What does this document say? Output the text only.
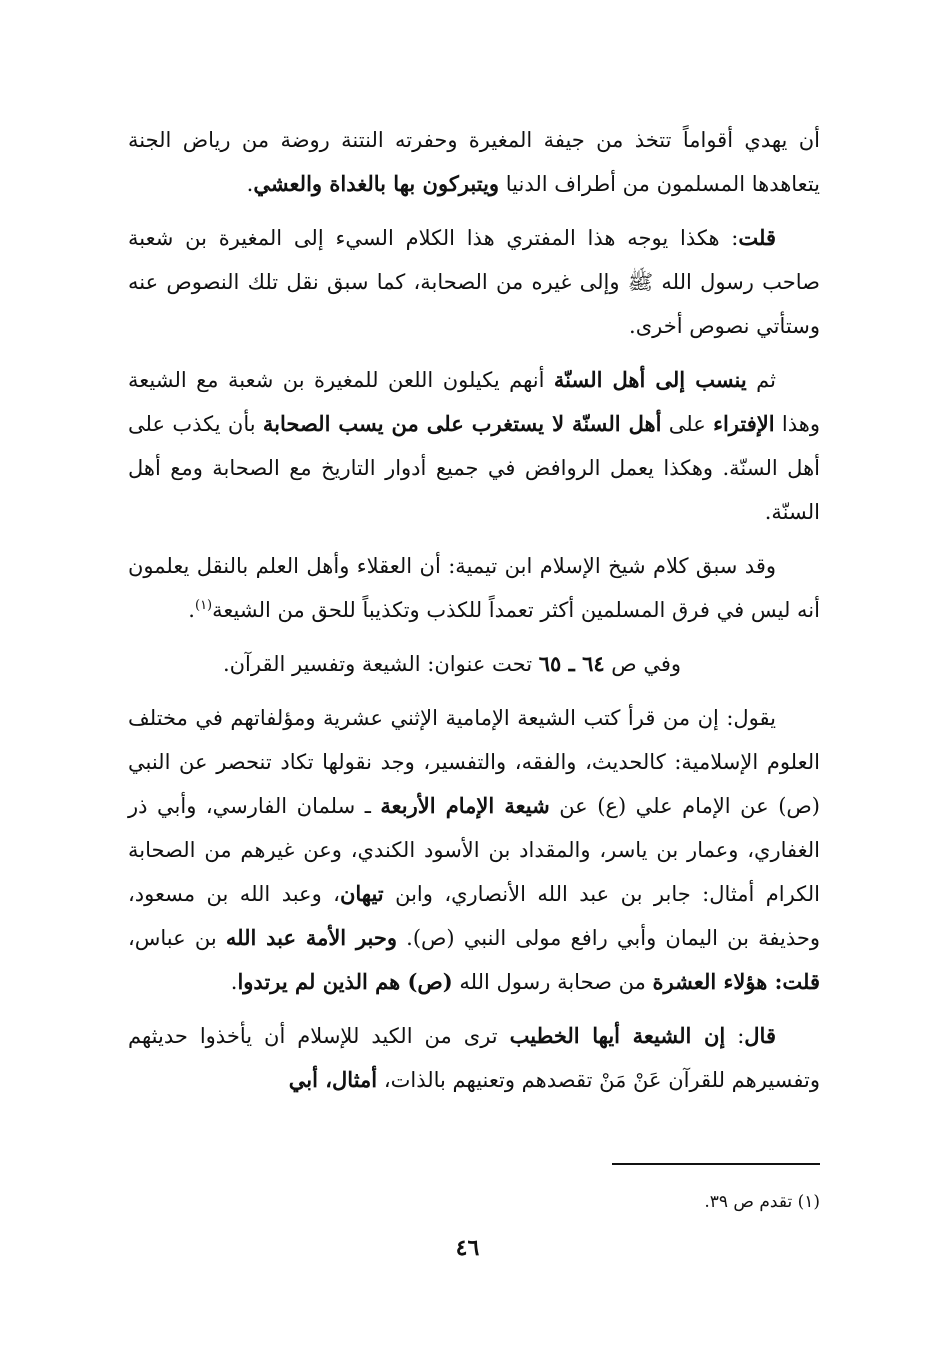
أن يهدي أقواماً تتخذ من جيفة المغيرة وحفرته النتنة روضة من رياض الجنة يتعاهدها المسلمون من أطراف الدنيا ويتبركون بها بالغداة والعشي.

قلت: هكذا يوجه هذا المفتري هذا الكلام السيء إلى المغيرة بن شعبة صاحب رسول الله ﷺ وإلى غيره من الصحابة، كما سبق نقل تلك النصوص عنه وستأتي نصوص أخرى.

ثم ينسب إلى أهل السنّة أنهم يكيلون اللعن للمغيرة بن شعبة مع الشيعة وهذا الإفتراء على أهل السنّة لا يستغرب على من يسب الصحابة بأن يكذب على أهل السنّة. وهكذا يعمل الروافض في جميع أدوار التاريخ مع الصحابة ومع أهل السنّة.

وقد سبق كلام شيخ الإسلام ابن تيمية: أن العقلاء وأهل العلم بالنقل يعلمون أنه ليس في فرق المسلمين أكثر تعمداً للكذب وتكذيباً للحق من الشيعة$^{(١)}$.

وفي ص ٦٤ ـ ٦٥ تحت عنوان: الشيعة وتفسير القرآن.

يقول: إن من قرأ كتب الشيعة الإمامية الإثني عشرية ومؤلفاتهم في مختلف العلوم الإسلامية: كالحديث، والفقه، والتفسير، وجد نقولها تكاد تنحصر عن النبي (ص) عن الإمام علي (ع) عن شيعة الإمام الأربعة ـ سلمان الفارسي، وأبي ذر الغفاري، وعمار بن ياسر، والمقداد بن الأسود الكندي، وعن غيرهم من الصحابة الكرام أمثال: جابر بن عبد الله الأنصاري، وابن تيهان، وعبد الله بن مسعود، وحذيفة بن اليمان وأبي رافع مولى النبي (ص). وحبر الأمة عبد الله بن عباس، قلت: هؤلاء العشرة من صحابة رسول الله (ص) هم الذين لم يرتدوا.

قال: إن الشيعة أيها الخطيب ترى من الكيد للإسلام أن يأخذوا حديثهم وتفسيرهم للقرآن عَنْ مَنْ تقصدهم وتعنيهم بالذات، أمثال، أبي

(١) تقدم ص ٣٩.
٤٦
